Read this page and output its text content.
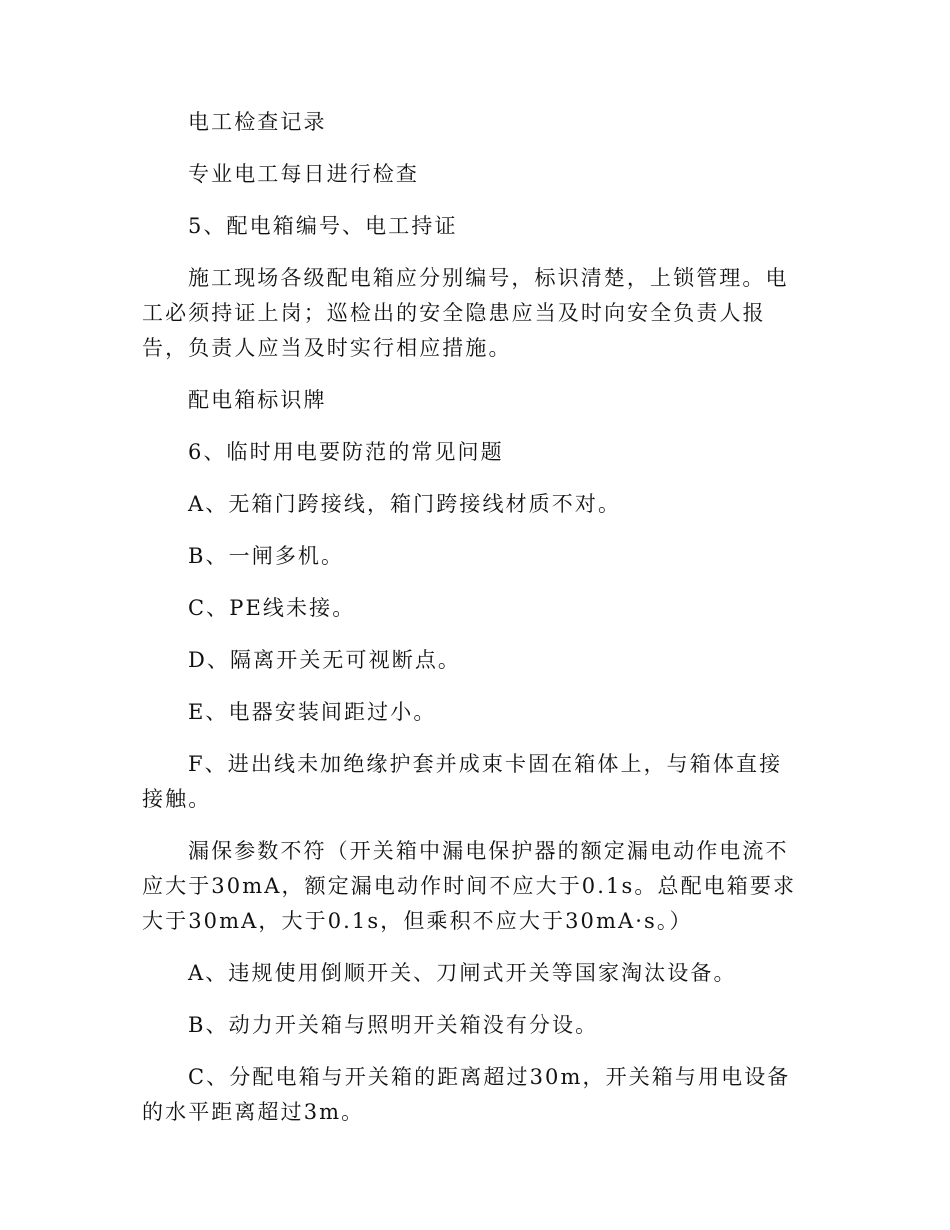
电工检查记录

专业电工每日进行检查

5、配电箱编号、电工持证

施工现场各级配电箱应分别编号，标识清楚，上锁管理。电工必须持证上岗；巡检出的安全隐患应当及时向安全负责人报告，负责人应当及时实行相应措施。

配电箱标识牌

6、临时用电要防范的常见问题

A、无箱门跨接线，箱门跨接线材质不对。

B、一闸多机。

C、PE线未接。

D、隔离开关无可视断点。

E、电器安装间距过小。

F、进出线未加绝缘护套并成束卡固在箱体上，与箱体直接接触。

漏保参数不符（开关箱中漏电保护器的额定漏电动作电流不应大于30mA，额定漏电动作时间不应大于0.1s。总配电箱要求大于30mA，大于0.1s，但乘积不应大于30mA·s。）

A、违规使用倒顺开关、刀闸式开关等国家淘汰设备。

B、动力开关箱与照明开关箱没有分设。

C、分配电箱与开关箱的距离超过30m，开关箱与用电设备的水平距离超过3m。
